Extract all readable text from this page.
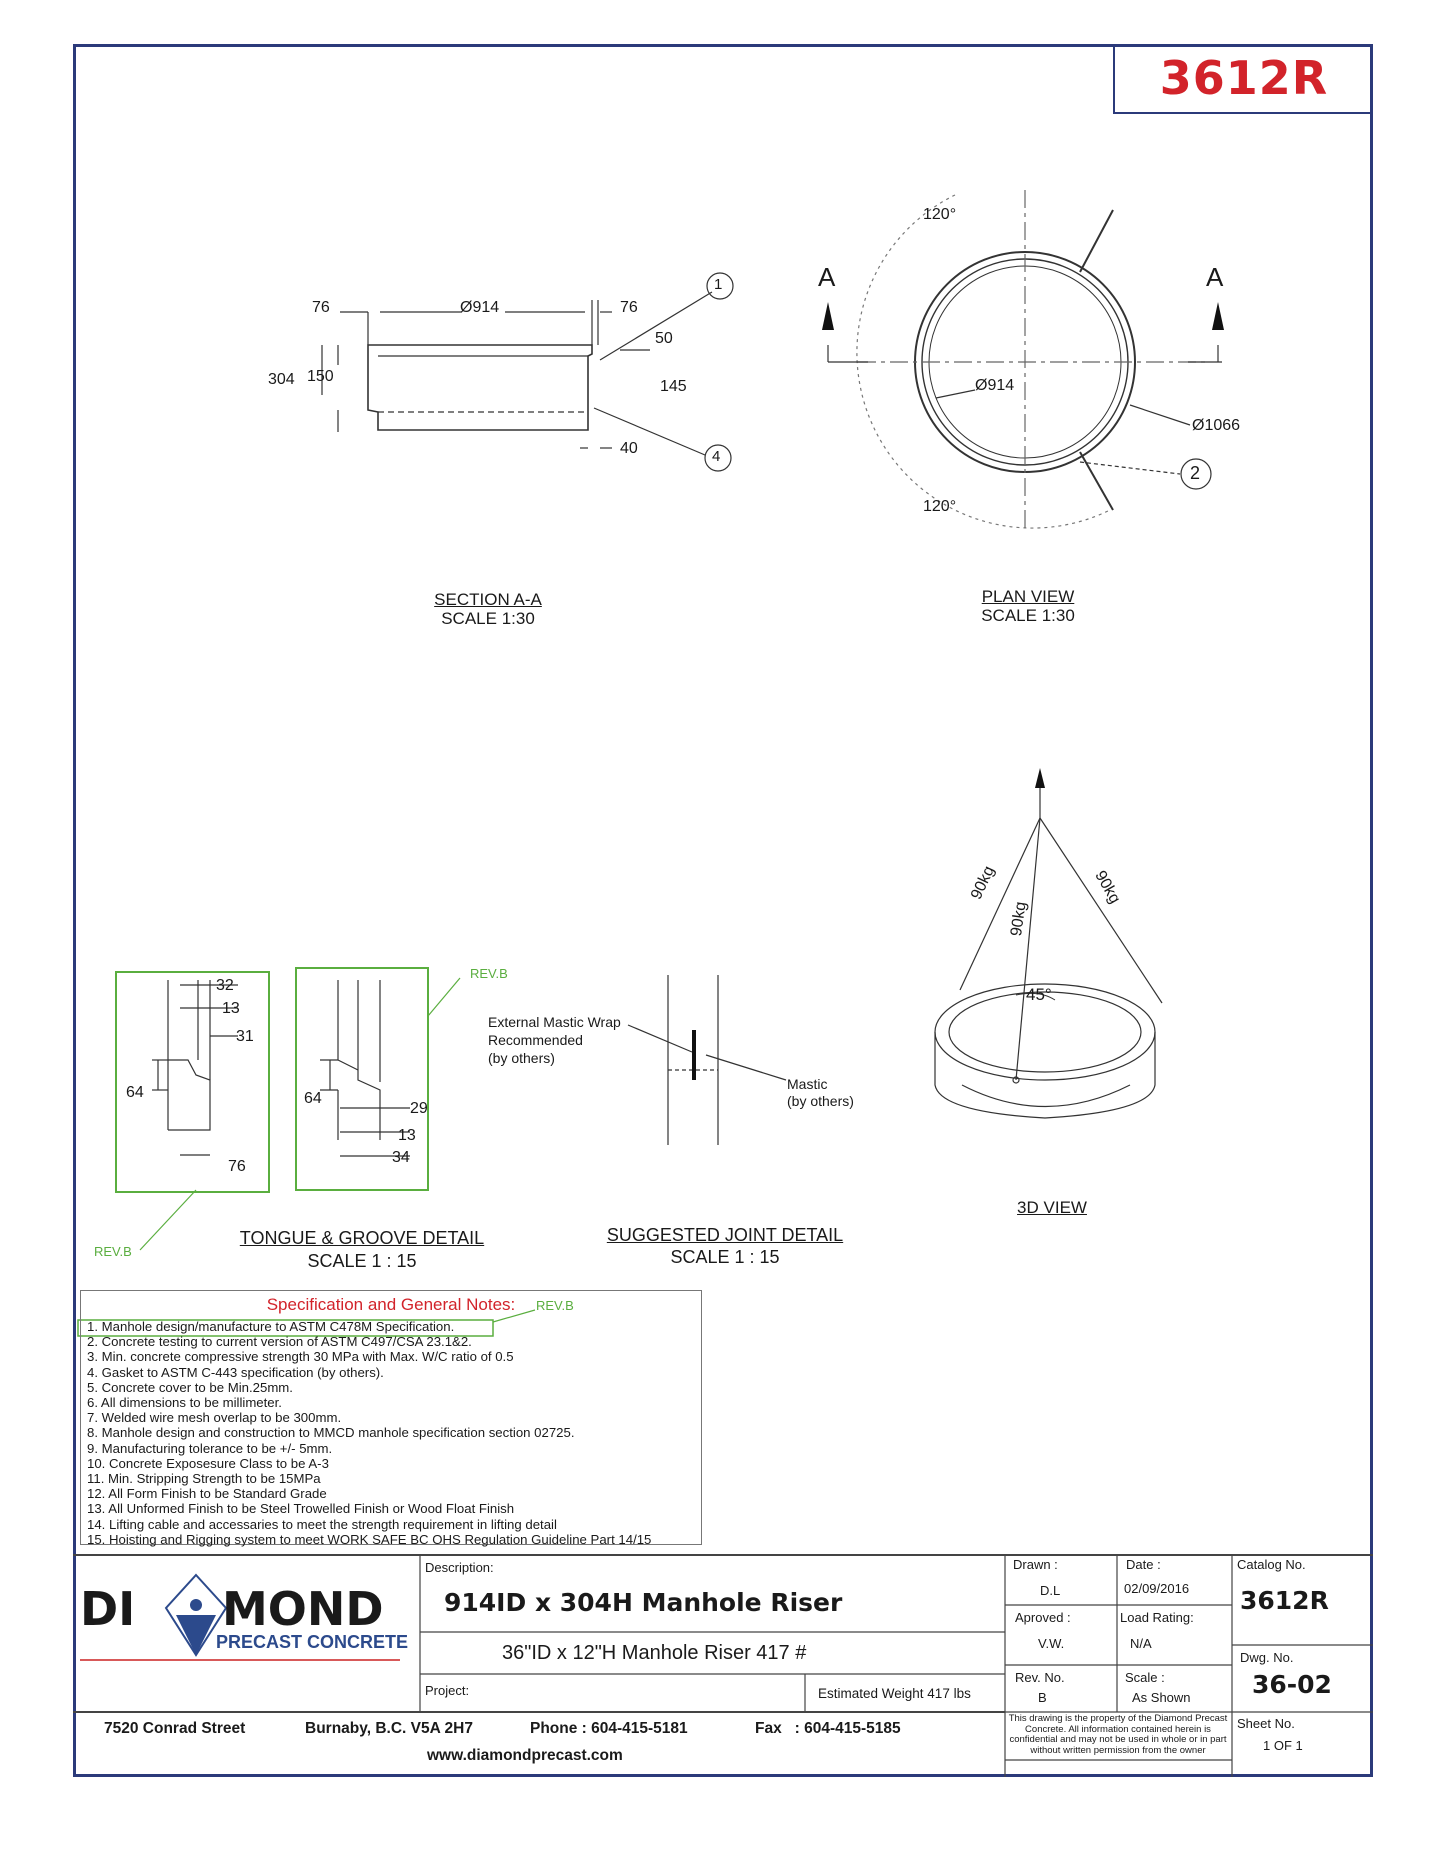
3612R
76	Ø914	76
50
304 150
145
40
1
4
SECTION A-A
SCALE 1:30
120°
120°
Ø914
Ø1066
A	A
2
PLAN VIEW
SCALE 1:30
90kg
90kg
90kg
45°
3D VIEW
32
13
31
64
76
64
29
13
34
REV.B
REV.B
TONGUE & GROOVE DETAIL
SCALE 1 : 15
External Mastic Wrap
Recommended
(by others)
Mastic
(by others)
SUGGESTED JOINT DETAIL
SCALE 1 : 15
Specification and General Notes:
1. Manhole design/manufacture to ASTM C478M Specification.
2. Concrete testing to current version of ASTM C497/CSA 23.1&2.
3. Min. concrete compressive strength 30 MPa with Max. W/C ratio of 0.5
4. Gasket to ASTM C-443 specification (by others).
5. Concrete cover to be Min.25mm.
6. All dimensions to be millimeter.
7. Welded wire mesh overlap to be 300mm.
8. Manhole design and construction to MMCD manhole specification section 02725.
9. Manufacturing tolerance to be +/- 5mm.
10. Concrete Exposesure Class to be A-3
11. Min. Stripping Strength to be 15MPa
12. All Form Finish to be Standard Grade
13. All Unformed Finish to be Steel Trowelled Finish or Wood Float Finish
14. Lifting cable and accessaries to meet the strength requirement in lifting detail
15. Hoisting and Rigging system to meet WORK SAFE BC OHS Regulation Guideline Part 14/15
REV.B
DI MOND
PRECAST CONCRETE
Description:
914ID x 304H Manhole Riser
36"ID x 12"H Manhole Riser 417 #
Project:	Estimated Weight 417 lbs
Drawn :
D.L
Date :
02/09/2016
Aproved :
V.W.
Load Rating:
N/A
Rev. No.
B
Scale :
As Shown
Catalog No.
3612R
Dwg. No.
36-02
Sheet No.
1 OF 1
This drawing is the property of the Diamond Precast Concrete. All information contained herein is confidential and may not be used in whole or in part without written permission from the owner
7520 Conrad Street	Burnaby, B.C. V5A 2H7	Phone : 604-415-5181	Fax   : 604-415-5185
www.diamondprecast.com
